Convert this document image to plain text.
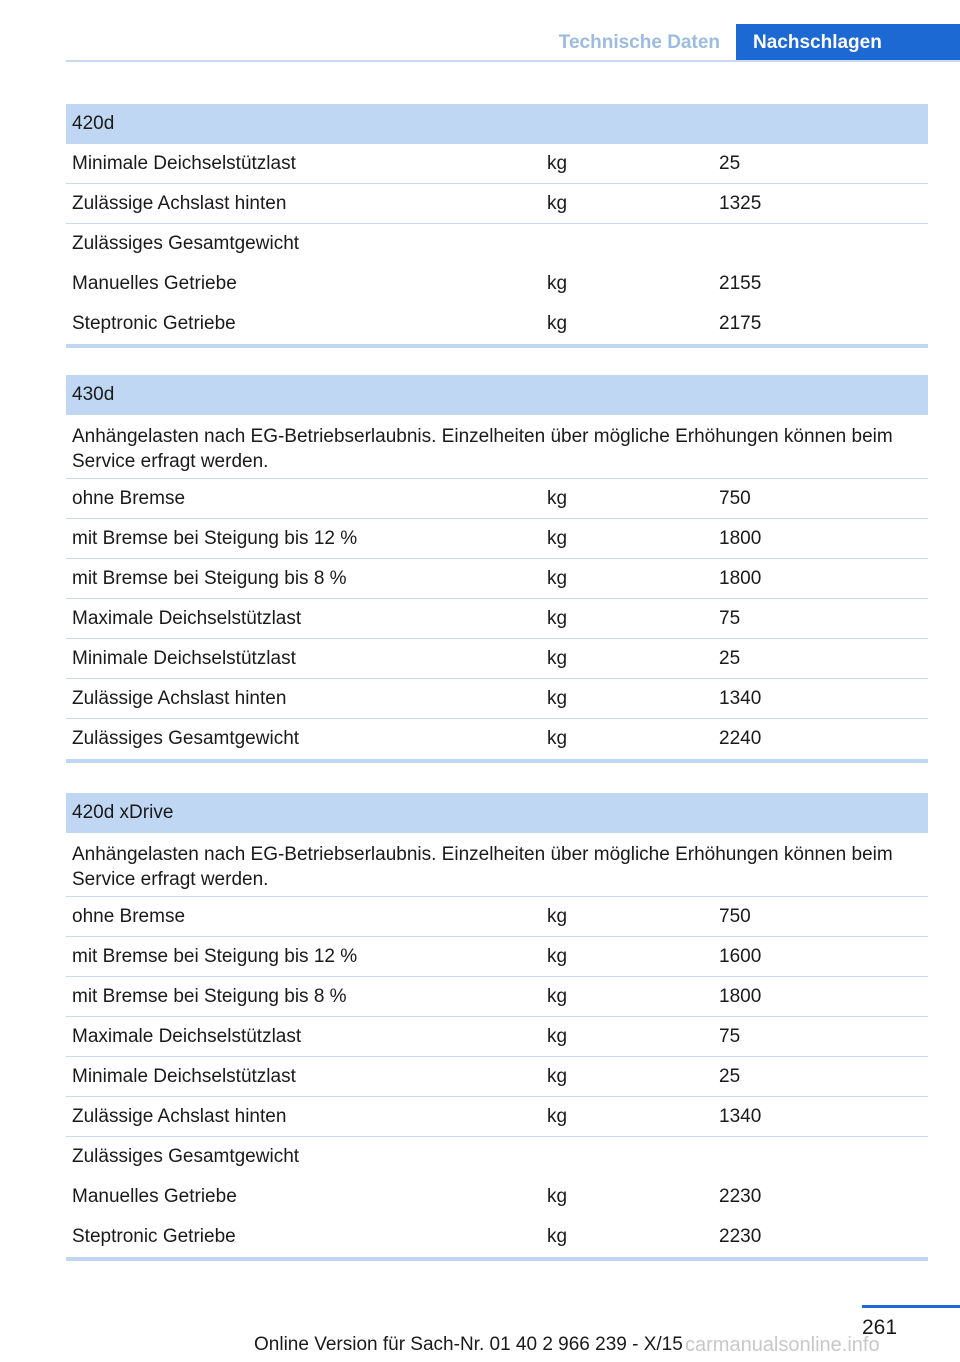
Technische Daten	Nachschlagen
420d
Minimale Deichselstützlast	kg	25
Zulässige Achslast hinten	kg	1325
Zulässiges Gesamtgewicht
Manuelles Getriebe	kg	2155
Steptronic Getriebe	kg	2175
430d
Anhängelasten nach EG-Betriebserlaubnis. Einzelheiten über mögliche Erhöhungen können beim Service erfragt werden.
ohne Bremse	kg	750
mit Bremse bei Steigung bis 12 %	kg	1800
mit Bremse bei Steigung bis 8 %	kg	1800
Maximale Deichselstützlast	kg	75
Minimale Deichselstützlast	kg	25
Zulässige Achslast hinten	kg	1340
Zulässiges Gesamtgewicht	kg	2240
420d xDrive
Anhängelasten nach EG-Betriebserlaubnis. Einzelheiten über mögliche Erhöhungen können beim Service erfragt werden.
ohne Bremse	kg	750
mit Bremse bei Steigung bis 12 %	kg	1600
mit Bremse bei Steigung bis 8 %	kg	1800
Maximale Deichselstützlast	kg	75
Minimale Deichselstützlast	kg	25
Zulässige Achslast hinten	kg	1340
Zulässiges Gesamtgewicht
Manuelles Getriebe	kg	2230
Steptronic Getriebe	kg	2230
261
Online Version für Sach-Nr. 01 40 2 966 239 - X/15 carmanualsonline.info
